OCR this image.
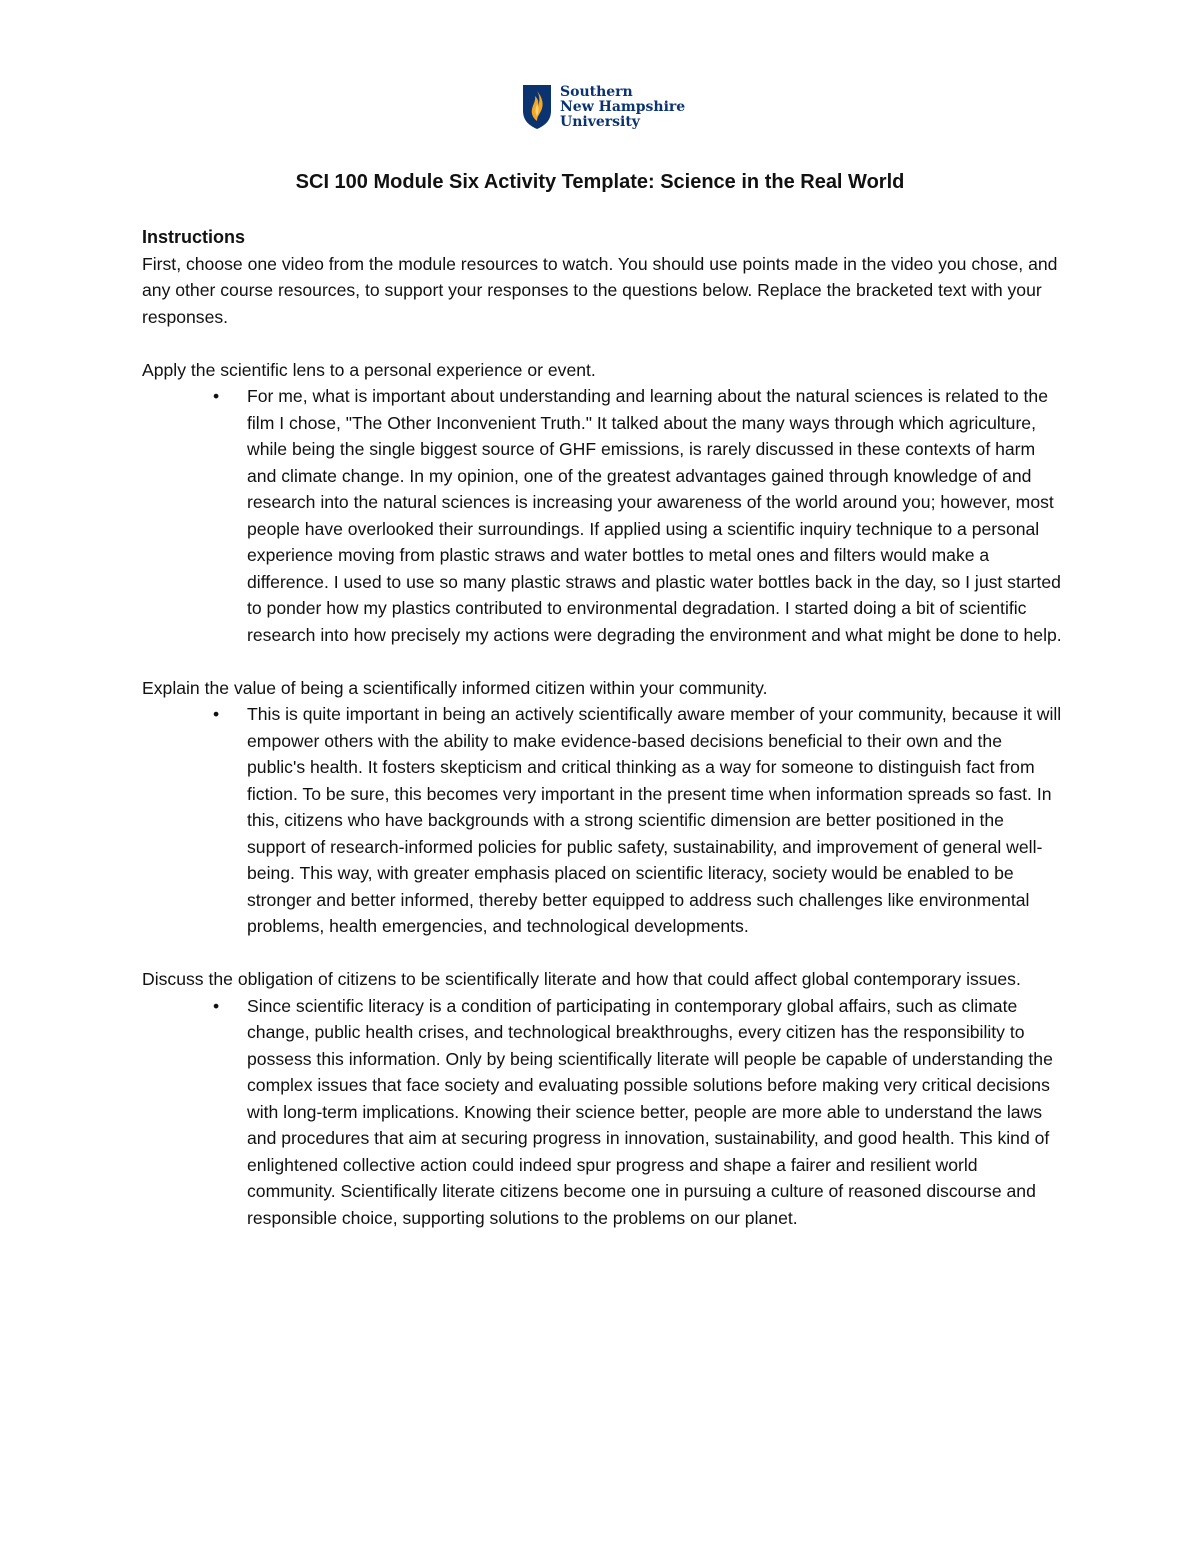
Southern
New Hampshire
University
SCI 100 Module Six Activity Template: Science in the Real World

Instructions

First, choose one video from the module resources to watch. You should use points made in the video you chose, and any other course resources, to support your responses to the questions below. Replace the bracketed text with your responses.

Apply the scientific lens to a personal experience or event.

• For me, what is important about understanding and learning about the natural sciences is related to the film I chose, "The Other Inconvenient Truth." It talked about the many ways through which agriculture, while being the single biggest source of GHF emissions, is rarely discussed in these contexts of harm and climate change. In my opinion, one of the greatest advantages gained through knowledge of and research into the natural sciences is increasing your awareness of the world around you; however, most people have overlooked their surroundings. If applied using a scientific inquiry technique to a personal experience moving from plastic straws and water bottles to metal ones and filters would make a difference. I used to use so many plastic straws and plastic water bottles back in the day, so I just started to ponder how my plastics contributed to environmental degradation. I started doing a bit of scientific research into how precisely my actions were degrading the environment and what might be done to help.

Explain the value of being a scientifically informed citizen within your community.

• This is quite important in being an actively scientifically aware member of your community, because it will empower others with the ability to make evidence-based decisions beneficial to their own and the public's health. It fosters skepticism and critical thinking as a way for someone to distinguish fact from fiction. To be sure, this becomes very important in the present time when information spreads so fast. In this, citizens who have backgrounds with a strong scientific dimension are better positioned in the support of research-informed policies for public safety, sustainability, and improvement of general well-being. This way, with greater emphasis placed on scientific literacy, society would be enabled to be stronger and better informed, thereby better equipped to address such challenges like environmental problems, health emergencies, and technological developments.

Discuss the obligation of citizens to be scientifically literate and how that could affect global contemporary issues.

• Since scientific literacy is a condition of participating in contemporary global affairs, such as climate change, public health crises, and technological breakthroughs, every citizen has the responsibility to possess this information. Only by being scientifically literate will people be capable of understanding the complex issues that face society and evaluating possible solutions before making very critical decisions with long-term implications. Knowing their science better, people are more able to understand the laws and procedures that aim at securing progress in innovation, sustainability, and good health. This kind of enlightened collective action could indeed spur progress and shape a fairer and resilient world community. Scientifically literate citizens become one in pursuing a culture of reasoned discourse and responsible choice, supporting solutions to the problems on our planet.
